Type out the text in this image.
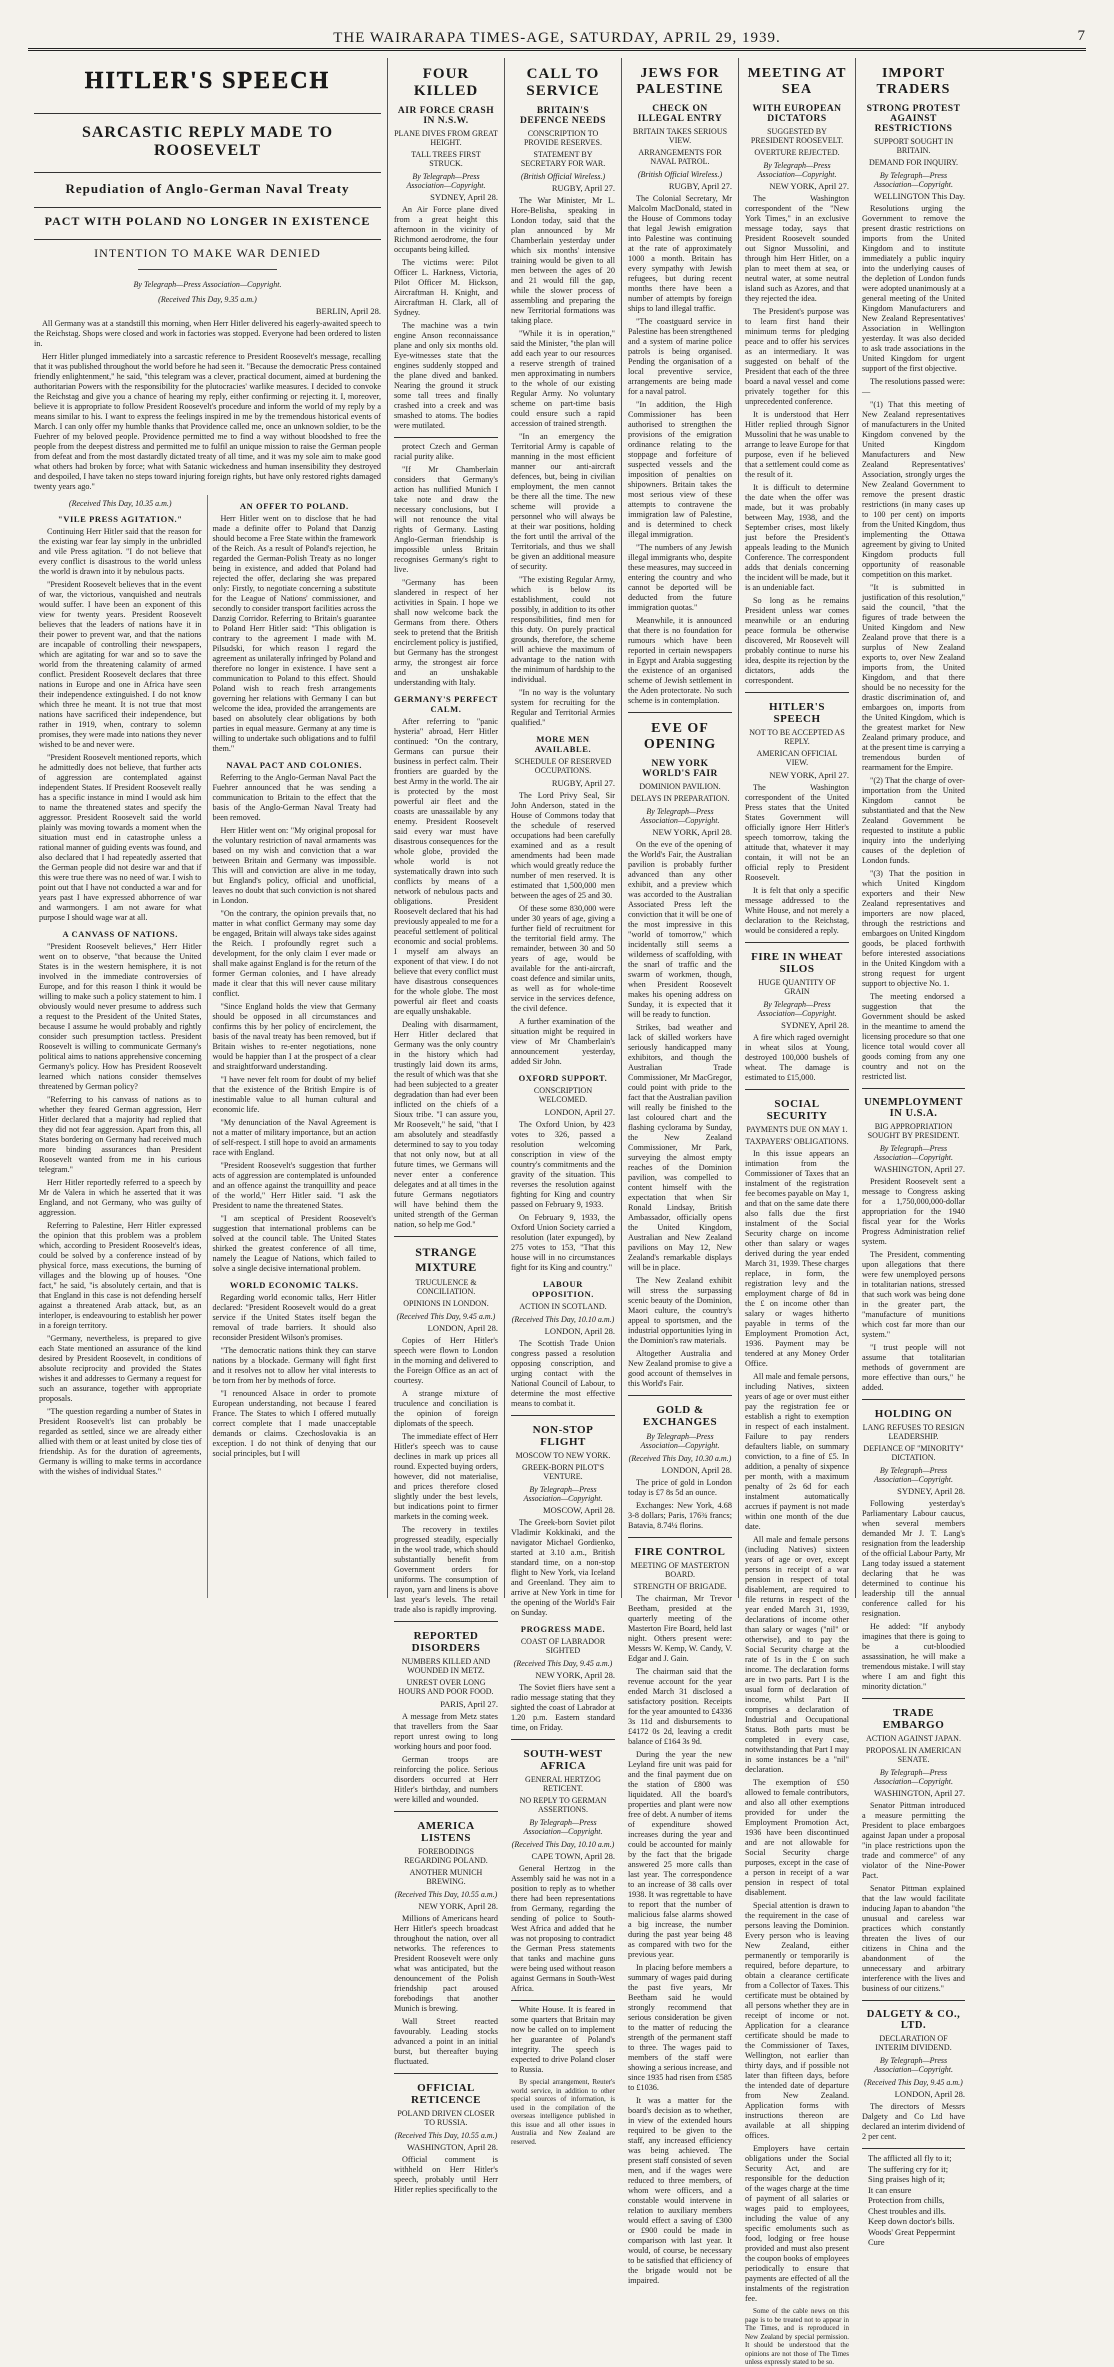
THE WAIRARAPA TIMES-AGE, SATURDAY, APRIL 29, 1939.	7
HITLER'S SPEECH
SARCASTIC REPLY MADE TO ROOSEVELT
Repudiation of Anglo-German Naval Treaty
PACT WITH POLAND NO LONGER IN EXISTENCE
INTENTION TO MAKE WAR DENIED
By Telegraph—Press Association—Copyright.
(Received This Day, 9.35 a.m.)
BERLIN, April 28.

All Germany was at a standstill this morning, when Herr Hitler delivered his eagerly-awaited speech to the Reichstag. Shops were closed and work in factories was stopped. Everyone had been ordered to listen in.

Herr Hitler plunged immediately into a sarcastic reference to President Roosevelt's message, recalling that it was published throughout the world before he had seen it. "Because the democratic Press contained friendly enlightenment," he said, "this telegram was a clever, practical document, aimed at burdening the authoritarian Powers with the responsibility for the plutocracies' warlike measures. I decided to convoke the Reichstag and give you a chance of hearing my reply, either confirming or rejecting it. I, moreover, believe it is appropriate to follow President Roosevelt's procedure and inform the world of my reply by a means similar to his. I want to express the feelings inspired in me by the tremendous historical events of March. I can only offer my humble thanks that Providence called me, once an unknown soldier, to be the Fuehrer of my beloved people. Providence permitted me to find a way without bloodshed to free the people from the deepest distress and permitted me to fulfil an unique mission to raise the German people from defeat and from the most dastardly dictated treaty of all time, and it was my sole aim to make good what others had broken by force; what with Satanic wickedness and human insensibility they destroyed and despoiled, I have taken no steps toward injuring foreign rights, but have only restored rights damaged twenty years ago."

(Received This Day, 10.35 a.m.)
"VILE PRESS AGITATION."

Continuing Herr Hitler said that the reason for the existing war fear lay simply in the unbridled and vile Press agitation. "I do not believe that every conflict is disastrous to the world unless the world is drawn into it by nebulous pacts.

"President Roosevelt believes that in the event of war, the victorious, vanquished and neutrals would suffer. I have been an exponent of this view for twenty years. President Roosevelt believes that the leaders of nations have it in their power to prevent war, and that the nations are incapable of controlling their newspapers, which are agitating for war and so to save the world from the threatening calamity of armed conflict. President Roosevelt declares that three nations in Europe and one in Africa have seen their independence extinguished. I do not know which three he meant. It is not true that most nations have sacrificed their independence, but rather in 1919, when, contrary to solemn promises, they were made into nations they never wished to be and never were.

"President Roosevelt mentioned reports, which he admittedly does not believe, that further acts of aggression are contemplated against independent States. If President Roosevelt really has a specific instance in mind I would ask him to name the threatened states and specify the aggressor. President Roosevelt said the world plainly was moving towards a moment when the situation must end in catastrophe unless a rational manner of guiding events was found, and also declared that I had repeatedly asserted that the German people did not desire war and that if this were true there was no need of war. I wish to point out that I have not conducted a war and for years past I have expressed abhorrence of war and warmongers. I am not aware for what purpose I should wage war at all.

A CANVASS OF NATIONS.

"President Roosevelt believes," Herr Hitler went on to observe, "that because the United States is in the western hemisphere, it is not involved in the immediate controversies of Europe, and for this reason I think it would be willing to make such a policy statement to him. I obviously would never presume to address such a request to the President of the United States, because I assume he would probably and rightly consider such presumption tactless. President Roosevelt is willing to communicate Germany's political aims to nations apprehensive concerning Germany's policy. How has President Roosevelt learned which nations consider themselves threatened by German policy?

"Referring to his canvass of nations as to whether they feared German aggression, Herr Hitler declared that a majority had replied that they did not fear aggression. Apart from this, all States bordering on Germany had received much more binding assurances than President Roosevelt wanted from me in his curious telegram."

Herr Hitler reportedly referred to a speech by Mr de Valera in which he asserted that it was England, and not Germany, who was guilty of aggression.

Referring to Palestine, Herr Hitler expressed the opinion that this problem was a problem which, according to President Roosevelt's ideas, could be solved by a conference instead of by physical force, mass executions, the burning of villages and the blowing up of houses. "One fact," he said, "is absolutely certain, and that is that England in this case is not defending herself against a threatened Arab attack, but, as an interloper, is endeavouring to establish her power in a foreign territory.

"Germany, nevertheless, is prepared to give each State mentioned an assurance of the kind desired by President Roosevelt, in conditions of absolute reciprocity and provided the States wishes it and addresses to Germany a request for such an assurance, together with appropriate proposals.

"The question regarding a number of States in President Roosevelt's list can probably be regarded as settled, since we are already either allied with them or at least united by close ties of friendship. As for the duration of agreements, Germany is willing to make terms in accordance with the wishes of individual States."

AN OFFER TO POLAND.

Herr Hitler went on to disclose that he had made a definite offer to Poland that Danzig should become a Free State within the framework of the Reich. As a result of Poland's rejection, he regarded the German-Polish Treaty as no longer being in existence, and added that Poland had rejected the offer, declaring she was prepared only: Firstly, to negotiate concerning a substitute for the League of Nations' commissioner, and secondly to consider transport facilities across the Danzig Corridor. Referring to Britain's guarantee to Poland Herr Hitler said: "This obligation is contrary to the agreement I made with M. Pilsudski, for which reason I regard the agreement as unilaterally infringed by Poland and therefore no longer in existence. I have sent a communication to Poland to this effect. Should Poland wish to reach fresh arrangements governing her relations with Germany I can but welcome the idea, provided the arrangements are based on absolutely clear obligations by both parties in equal measure. Germany at any time is willing to undertake such obligations and to fulfil them."

NAVAL PACT AND COLONIES.

Referring to the Anglo-German Naval Pact the Fuehrer announced that he was sending a communication to Britain to the effect that the basis of the Anglo-German Naval Treaty had been removed.

Herr Hitler went on: "My original proposal for the voluntary restriction of naval armaments was based on my wish and conviction that a war between Britain and Germany was impossible. This will and conviction are alive in me today, but England's policy, official and unofficial, leaves no doubt that such conviction is not shared in London.

"On the contrary, the opinion prevails that, no matter in what conflict Germany may some day be engaged, Britain will always take sides against the Reich. I profoundly regret such a development, for the only claim I ever made or shall make against England is for the return of the former German colonies, and I have already made it clear that this will never cause military conflict.

"Since England holds the view that Germany should be opposed in all circumstances and confirms this by her policy of encirclement, the basis of the naval treaty has been removed, but if Britain wishes to re-enter negotiations, none would be happier than I at the prospect of a clear and straightforward understanding.

"I have never felt room for doubt of my belief that the existence of the British Empire is of inestimable value to all human cultural and economic life.

"My denunciation of the Naval Agreement is not a matter of military importance, but an action of self-respect. I still hope to avoid an armaments race with England.

"President Roosevelt's suggestion that further acts of aggression are contemplated is unfounded and an offence against the tranquillity and peace of the world," Herr Hitler said. "I ask the President to name the threatened States.

"I am sceptical of President Roosevelt's suggestion that international problems can be solved at the council table. The United States shirked the greatest conference of all time, namely the League of Nations, which failed to solve a single decisive international problem.

WORLD ECONOMIC TALKS.

Regarding world economic talks, Herr Hitler declared: "President Roosevelt would do a great service if the United States itself began the removal of trade barriers. It should also reconsider President Wilson's promises.

"The democratic nations think they can starve nations by a blockade. Germany will fight first and it resolves not to allow her vital interests to be torn from her by methods of force.

"I renounced Alsace in order to promote European understanding, not because I feared France. The States to which I offered mutually correct complete that I made unacceptable demands or claims. Czechoslovakia is an exception. I do not think of denying that our social principles, but I will

FOUR KILLED
AIR FORCE CRASH IN N.S.W.
PLANE DIVES FROM GREAT HEIGHT.
TALL TREES FIRST STRUCK.
By Telegraph—Press Association—Copyright.
SYDNEY, April 28.

An Air Force plane dived from a great height this afternoon in the vicinity of Richmond aerodrome, the four occupants being killed.

The victims were: Pilot Officer L. Harkness, Victoria, Pilot Officer M. Hickson, Aircraftman H. Knight, and Aircraftman H. Clark, all of Sydney.

The machine was a twin engine Anson reconnaissance plane and only six months old. Eye-witnesses state that the engines suddenly stopped and the plane dived and banked. Nearing the ground it struck some tall trees and finally crashed into a creek and was smashed to atoms. The bodies were mutilated.

protect Czech and German racial purity alike.

"If Mr Chamberlain considers that Germany's action has nullified Munich I take note and draw the necessary conclusions, but I will not renounce the vital rights of Germany. Lasting Anglo-German friendship is impossible unless Britain recognises Germany's right to live.

"Germany has been slandered in respect of her activities in Spain. I hope we shall now welcome back the Germans from there. Others seek to pretend that the British encirclement policy is justified, but Germany has the strongest army, the strongest air force and an unshakable understanding with Italy.

GERMANY'S PERFECT CALM.

After referring to "panic hysteria" abroad, Herr Hitler continued: "On the contrary, Germans can pursue their business in perfect calm. Their frontiers are guarded by the best Army in the world. The air is protected by the most powerful air fleet and the coasts are unassailable by any enemy. President Roosevelt said every war must have disastrous consequences for the whole globe, provided the whole world is not systematically drawn into such conflicts by means of a network of nebulous pacts and obligations. President Roosevelt declared that his had previously appealed to me for a peaceful settlement of political economic and social problems. I myself am always an exponent of that view. I do not believe that every conflict must have disastrous consequences for the whole globe. The most powerful air fleet and coasts are equally unshakable.

Dealing with disarmament, Herr Hitler declared that Germany was the only country in the history which had trustingly laid down its arms, the result of which was that she had been subjected to a greater degradation than had ever been inflicted on the chiefs of a Sioux tribe. "I can assure you, Mr Roosevelt," he said, "that I am absolutely and steadfastly determined to say to you today that not only now, but at all future times, we Germans will never enter a conference delegates and at all times in the future Germans negotiators will have behind them the united strength of the German nation, so help me God."

STRANGE MIXTURE
TRUCULENCE & CONCILIATION.
OPINIONS IN LONDON.
(Received This Day, 9.45 a.m.)
LONDON, April 28.

Copies of Herr Hitler's speech were flown to London in the morning and delivered to the Foreign Office as an act of courtesy.

A strange mixture of truculence and conciliation is the opinion of foreign diplomats of the speech.

The immediate effect of Herr Hitler's speech was to cause declines in mark up prices all round. Expected buying orders, however, did not materialise, and prices therefore closed slightly under the best levels, but indications point to firmer markets in the coming week.

The recovery in textiles progressed steadily, especially in the wool trade, which should substantially benefit from Government orders for uniforms. The consumption of rayon, yarn and linens is above last year's levels. The retail trade also is rapidly improving.

REPORTED DISORDERS
NUMBERS KILLED AND WOUNDED IN METZ.
UNREST OVER LONG HOURS AND POOR FOOD.
PARIS, April 27.

A message from Metz states that travellers from the Saar report unrest owing to long working hours and poor food.

German troops are reinforcing the police. Serious disorders occurred at Herr Hitler's birthday, and numbers were killed and wounded.

AMERICA LISTENS
FOREBODINGS REGARDING POLAND.
ANOTHER MUNICH BREWING.
(Received This Day, 10.55 a.m.)
NEW YORK, April 28.

Millions of Americans heard Herr Hitler's speech broadcast throughout the nation, over all networks. The references to President Roosevelt were only what was anticipated, but the denouncement of the Polish friendship pact aroused forebodings that another Munich is brewing.

Wall Street reacted favourably. Leading stocks advanced a point in an initial burst, but thereafter buying fluctuated.

OFFICIAL RETICENCE
POLAND DRIVEN CLOSER TO RUSSIA.
(Received This Day, 10.55 a.m.)
WASHINGTON, April 28.

Official comment is withheld on Herr Hitler's speech, probably until Herr Hitler replies specifically to the

CALL TO SERVICE
BRITAIN'S DEFENCE NEEDS
CONSCRIPTION TO PROVIDE RESERVES.
STATEMENT BY SECRETARY FOR WAR.
(British Official Wireless.)
RUGBY, April 27.

The War Minister, Mr L. Hore-Belisha, speaking in London today, said that the plan announced by Mr Chamberlain yesterday under which six months' intensive training would be given to all men between the ages of 20 and 21 would fill the gap, while the slower process of assembling and preparing the new Territorial formations was taking place.

"While it is in operation," said the Minister, "the plan will add each year to our resources a reserve strength of trained men approximating in numbers to the whole of our existing Regular Army. No voluntary scheme on part-time basis could ensure such a rapid accession of trained strength.

"In an emergency the Territorial Army is capable of manning in the most efficient manner our anti-aircraft defences, but, being in civilian employment, the men cannot be there all the time. The new scheme will provide a personnel who will always be at their war positions, holding the fort until the arrival of the Territorials, and thus we shall be given an additional measure of security.

"The existing Regular Army, which is below its establishment, could not possibly, in addition to its other responsibilities, find men for this duty. On purely practical grounds, therefore, the scheme will achieve the maximum of advantage to the nation with the minimum of hardship to the individual.

"In no way is the voluntary system for recruiting for the Regular and Territorial Armies qualified."

MORE MEN AVAILABLE.
SCHEDULE OF RESERVED OCCUPATIONS.
RUGBY, April 27.

The Lord Privy Seal, Sir John Anderson, stated in the House of Commons today that the schedule of reserved occupations had been carefully examined and as a result amendments had been made which would greatly reduce the number of men reserved. It is estimated that 1,500,000 men between the ages of 25 and 30.

Of these some 830,000 were under 30 years of age, giving a further field of recruitment for the territorial field army. The remainder, between 30 and 50 years of age, would be available for the anti-aircraft, coast defence and similar units, as well as for whole-time service in the services defence, the civil defence.

A further examination of the situation might be required in view of Mr Chamberlain's announcement yesterday, added Sir John.

OXFORD SUPPORT.
CONSCRIPTION WELCOMED.
LONDON, April 27.

The Oxford Union, by 423 votes to 326, passed a resolution welcoming conscription in view of the country's commitments and the gravity of the situation. This reverses the resolution against fighting for King and country passed on February 9, 1933.

On February 9, 1933, the Oxford Union Society carried a resolution (later expunged), by 275 votes to 153, "That this house will in no circumstances fight for its King and country."

LABOUR OPPOSITION.
ACTION IN SCOTLAND.
(Received This Day, 10.10 a.m.)
LONDON, April 28.

The Scottish Trade Union congress passed a resolution opposing conscription, and urging contact with the National Council of Labour, to determine the most effective means to combat it.

NON-STOP FLIGHT
MOSCOW TO NEW YORK.
GREEK-BORN PILOT'S VENTURE.
By Telegraph—Press Association—Copyright.
MOSCOW, April 28.

The Greek-born Soviet pilot Vladimir Kokkinaki, and the navigator Michael Gordienko, started at 3.10 a.m., British standard time, on a non-stop flight to New York, via Iceland and Greenland. They aim to arrive at New York in time for the opening of the World's Fair on Sunday.

PROGRESS MADE.
COAST OF LABRADOR SIGHTED
(Received This Day, 9.45 a.m.)
NEW YORK, April 28.

The Soviet fliers have sent a radio message stating that they sighted the coast of Labrador at 1.20 p.m. Eastern standard time, on Friday.

SOUTH-WEST AFRICA
GENERAL HERTZOG RETICENT.
NO REPLY TO GERMAN ASSERTIONS.
By Telegraph—Press Association—Copyright.
(Received This Day, 10.10 a.m.)
CAPE TOWN, April 28.

General Hertzog in the Assembly said he was not in a position to reply as to whether there had been representations from Germany, regarding the sending of police to South-West Africa and added that he was not proposing to contradict the German Press statements that tanks and machine guns were being used without reason against Germans in South-West Africa.

White House. It is feared in some quarters that Britain may now be called on to implement her guarantee of Poland's integrity. The speech is expected to drive Poland closer to Russia.

By special arrangement, Reuter's world service, in addition to other special sources of information, is used in the compilation of the overseas intelligence published in this issue and all other issues in Australia and New Zealand are reserved.

JEWS FOR PALESTINE
CHECK ON ILLEGAL ENTRY
BRITAIN TAKES SERIOUS VIEW.
ARRANGEMENTS FOR NAVAL PATROL.
(British Official Wireless.)
RUGBY, April 27.

The Colonial Secretary, Mr Malcolm MacDonald, stated in the House of Commons today that legal Jewish emigration into Palestine was continuing at the rate of approximately 1000 a month. Britain has every sympathy with Jewish refugees, but during recent months there have been a number of attempts by foreign ships to land illegal traffic.

"The coastguard service in Palestine has been strengthened and a system of marine police patrols is being organised. Pending the organisation of a local preventive service, arrangements are being made for a naval patrol.

"In addition, the High Commissioner has been authorised to strengthen the provisions of the emigration ordinance relating to the stoppage and forfeiture of suspected vessels and the imposition of penalties on shipowners. Britain takes the most serious view of these attempts to contravene the immigration law of Palestine, and is determined to check illegal immigration.

"The numbers of any Jewish illegal immigrants who, despite these measures, may succeed in entering the country and who cannot be deported will be deducted from the future immigration quotas."

Meanwhile, it is announced that there is no foundation for rumours which have been reported in certain newspapers in Egypt and Arabia suggesting the existence of an organised scheme of Jewish settlement in the Aden protectorate. No such scheme is in contemplation.

EVE OF OPENING
NEW YORK WORLD'S FAIR
DOMINION PAVILION.
DELAYS IN PREPARATION.
By Telegraph—Press Association—Copyright.
NEW YORK, April 28.

On the eve of the opening of the World's Fair, the Australian pavilion is probably further advanced than any other exhibit, and a preview which was accorded to the Australian Associated Press left the conviction that it will be one of the most impressive in this "world of tomorrow," which incidentally still seems a wilderness of scaffolding, with the snarl of traffic and the swarm of workmen, though, when President Roosevelt makes his opening address on Sunday, it is expected that it will be ready to function.

Strikes, bad weather and lack of skilled workers have seriously handicapped many exhibitors, and though the Australian Trade Commissioner, Mr MacGregor, could point with pride to the fact that the Australian pavilion will really be finished to the last coloured chart and the flashing cyclorama by Sunday, the New Zealand Commissioner, Mr Park, surveying the almost empty reaches of the Dominion pavilion, was compelled to content himself with the expectation that when Sir Ronald Lindsay, British Ambassador, officially opens the United Kingdom, Australian and New Zealand pavilions on May 12, New Zealand's remarkable displays will be in place.

The New Zealand exhibit will stress the surpassing scenic beauty of the Dominion, Maori culture, the country's appeal to sportsmen, and the industrial opportunities lying in the Dominion's raw materials.

Altogether Australia and New Zealand promise to give a good account of themselves in this World's Fair.

GOLD & EXCHANGES
By Telegraph—Press Association—Copyright.
(Received This Day, 10.30 a.m.)
LONDON, April 28.

The price of gold in London today is £7 8s 5d an ounce.

Exchanges: New York, 4.68 3-8 dollars; Paris, 176¾ francs; Batavia, 8.74¼ florins.

FIRE CONTROL
MEETING OF MASTERTON BOARD.
STRENGTH OF BRIGADE.

The chairman, Mr Trevor Beetham, presided at the quarterly meeting of the Masterton Fire Board, held last night. Others present were: Messrs W. Kemp, W. Candy, V. Edgar and J. Gain.

The chairman said that the revenue account for the year ended March 31 disclosed a satisfactory position. Receipts for the year amounted to £4336 3s 11d and disbursements to £4172 0s 2d, leaving a credit balance of £164 3s 9d.

During the year the new Leyland fire unit was paid for and the final payment due on the station of £800 was liquidated. All the board's properties and plant were now free of debt. A number of items of expenditure showed increases during the year and could be accounted for mainly by the fact that the brigade answered 25 more calls than last year. The correspondence to an increase of 38 calls over 1938. It was regrettable to have to report that the number of malicious false alarms showed a big increase, the number during the past year being 48 as compared with two for the previous year.

In placing before members a summary of wages paid during the past five years, Mr Beetham said he would strongly recommend that serious consideration be given to the matter of reducing the strength of the permanent staff to three. The wages paid to members of the staff were showing a serious increase, and since 1935 had risen from £585 to £1036.

It was a matter for the board's decision as to whether, in view of the extended hours required to be given to the staff, any increased efficiency was being achieved. The present staff consisted of seven men, and if the wages were reduced to three members, of whom were officers, and a constable would intervene in relation to auxiliary members would effect a saving of £300 or £900 could be made in comparison with last year. It would, of course, be necessary to be satisfied that efficiency of the brigade would not be impaired.

MEETING AT SEA
WITH EUROPEAN DICTATORS
SUGGESTED BY PRESIDENT ROOSEVELT.
OVERTURE REJECTED.
By Telegraph—Press Association—Copyright.
NEW YORK, April 27.

The Washington correspondent of the "New York Times," in an exclusive message today, says that President Roosevelt sounded out Signor Mussolini, and through him Herr Hitler, on a plan to meet them at sea, or neutral water, at some neutral island such as Azores, and that they rejected the idea.

The President's purpose was to learn first hand their minimum terms for pledging peace and to offer his services as an intermediary. It was suggested on behalf of the President that each of the three board a naval vessel and come privately together for this unprecedented conference.

It is understood that Herr Hitler replied through Signor Mussolini that he was unable to arrange to leave Europe for that purpose, even if he believed that a settlement could come as the result of it.

It is difficult to determine the date when the offer was made, but it was probably between May, 1938, and the September crises, most likely just before the President's appeals leading to the Munich Conference. The correspondent adds that denials concerning the incident will be made, but it is an undeniable fact.

So long as he remains President unless war comes meanwhile or an enduring peace formula be otherwise discovered, Mr Roosevelt will probably continue to nurse his idea, despite its rejection by the dictators, adds the correspondent.

HITLER'S SPEECH
NOT TO BE ACCEPTED AS REPLY.
AMERICAN OFFICIAL VIEW.
NEW YORK, April 27.

The Washington correspondent of the United Press states that the United States Government will officially ignore Herr Hitler's speech tomorrow, taking the attitude that, whatever it may contain, it will not be an official reply to President Roosevelt.

It is felt that only a specific message addressed to the White House, and not merely a declaration to the Reichstag, would be considered a reply.

FIRE IN WHEAT SILOS
HUGE QUANTITY OF GRAIN
By Telegraph—Press Association—Copyright.
SYDNEY, April 28.

A fire which raged overnight in wheat silos at Young, destroyed 100,000 bushels of wheat. The damage is estimated to £15,000.

SOCIAL SECURITY
PAYMENTS DUE ON MAY 1.
TAXPAYERS' OBLIGATIONS.

In this issue appears an intimation from the Commissioner of Taxes that an instalment of the registration fee becomes payable on May 1, and that on the same date there also falls due the first instalment of the Social Security charge on income other than salary or wages derived during the year ended March 31, 1939. These charges replace, in form, the registration levy and the employment charge of 8d in the £ on income other than salary or wages hitherto payable in terms of the Employment Promotion Act, 1936. Payment may be tendered at any Money Order Office.

All male and female persons, including Natives, sixteen years of age or over must either pay the registration fee or establish a right to exemption in respect of each instalment. Failure to pay renders defaulters liable, on summary conviction, to a fine of £5. In addition, a penalty of sixpence per month, with a maximum penalty of 2s 6d for each instalment automatically accrues if payment is not made within one month of the due date.

All male and female persons (including Natives) sixteen years of age or over, except persons in receipt of a war pension in respect of total disablement, are required to file returns in respect of the year ended March 31, 1939, declarations of income other than salary or wages ("nil" or otherwise), and to pay the Social Security charge at the rate of 1s in the £ on such income. The declaration forms are in two parts. Part I is the usual form of declaration of income, whilst Part II comprises a declaration of Industrial and Occupational Status. Both parts must be completed in every case, notwithstanding that Part I may in some instances be a "nil" declaration.

The exemption of £50 allowed to female contributors, and also all other exemptions provided for under the Employment Promotion Act, 1936 have been discontinued and are not allowable for Social Security charge purposes, except in the case of a person in receipt of a war pension in respect of total disablement.

Special attention is drawn to the requirement in the case of persons leaving the Dominion. Every person who is leaving New Zealand, either permanently or temporarily is required, before departure, to obtain a clearance certificate from a Collector of Taxes. This certificate must be obtained by all persons whether they are in receipt of income or not. Application for a clearance certificate should be made to the Commissioner of Taxes, Wellington, not earlier than thirty days, and if possible not later than fifteen days, before the intended date of departure from New Zealand. Application forms with instructions thereon are available at all shipping offices.

Employers have certain obligations under the Social Security Act, and are responsible for the deduction of the wages charge at the time of payment of all salaries or wages paid to employees, including the value of any specific emoluments such as food, lodging or free house provided and must also present the coupon books of employees periodically to ensure that payments are effected of all the instalments of the registration fee.

Some of the cable news on this page is to be treated not to appear in The Times, and is reproduced in New Zealand by special permission. It should be understood that the opinions are not those of The Times unless expressly stated to be so.

IMPORT TRADERS
STRONG PROTEST AGAINST RESTRICTIONS
SUPPORT SOUGHT IN BRITAIN.
DEMAND FOR INQUIRY.
By Telegraph—Press Association—Copyright.
WELLINGTON This Day.

Resolutions urging the Government to remove the present drastic restrictions on imports from the United Kingdom and to institute immediately a public inquiry into the underlying causes of the depletion of London funds were adopted unanimously at a general meeting of the United Kingdom Manufacturers and New Zealand Representatives' Association in Wellington yesterday. It was also decided to ask trade associations in the United Kingdom for urgent support of the first objective.

The resolutions passed were:—

"(1) That this meeting of New Zealand representatives of manufacturers in the United Kingdom convened by the United Kingdom Manufacturers and New Zealand Representatives' Association, strongly urges the New Zealand Government to remove the present drastic restrictions (in many cases up to 100 per cent) on imports from the United Kingdom, thus implementing the Ottawa agreement by giving to United Kingdom products full opportunity of reasonable competition on this market.

"It is submitted in justification of this resolution," said the council, "that the figures of trade between the United Kingdom and New Zealand prove that there is a surplus of New Zealand exports to, over New Zealand imports from, the United Kingdom, and that there should be no necessity for the drastic discrimination of, and embargoes on, imports from the United Kingdom, which is the greatest market for New Zealand primary produce, and at the present time is carrying a tremendous burden of rearmament for the Empire.

"(2) That the charge of over-importation from the United Kingdom cannot be substantiated and that the New Zealand Government be requested to institute a public inquiry into the underlying causes of the depletion of London funds.

"(3) That the position in which United Kingdom exporters and their New Zealand representatives and importers are now placed, through the restrictions and embargoes on United Kingdom goods, be placed forthwith before interested associations in the United Kingdom with a strong request for urgent support to objective No. 1.

The meeting endorsed a suggestion that the Government should be asked in the meantime to amend the licensing procedure so that one licence total would cover all goods coming from any one country and not on the restricted list.

UNEMPLOYMENT IN U.S.A.
BIG APPROPRIATION SOUGHT BY PRESIDENT.
By Telegraph—Press Association—Copyright.
WASHINGTON, April 27.

President Roosevelt sent a message to Congress asking for a 1,750,000,000-dollar appropriation for the 1940 fiscal year for the Works Progress Administration relief system.

The President, commenting upon allegations that there were few unemployed persons in totalitarian nations, stressed that such work was being done in the greater part, the "manufacture of munitions which cost far more than our system."

"I trust people will not assume that totalitarian methods of government are more effective than ours," he added.

HOLDING ON
LANG REFUSES TO RESIGN LEADERSHIP.
DEFIANCE OF "MINORITY" DICTATION.
By Telegraph—Press Association—Copyright.
SYDNEY, April 28.

Following yesterday's Parliamentary Labour caucus, when several members demanded Mr J. T. Lang's resignation from the leadership of the official Labour Party, Mr Lang today issued a statement declaring that he was determined to continue his leadership till the annual conference called for his resignation.

He added: "If anybody imagines that there is going to be a cut-bloodied assassination, he will make a tremendous mistake. I will stay where I am and fight this minority dictation."

TRADE EMBARGO
ACTION AGAINST JAPAN.
PROPOSAL IN AMERICAN SENATE.
By Telegraph—Press Association—Copyright.
WASHINGTON, April 27.

Senator Pittman introduced a measure permitting the President to place embargoes against Japan under a proposal "in place restrictions upon the trade and commerce" of any violator of the Nine-Power Pact.

Senator Pittman explained that the law would facilitate inducing Japan to abandon "the unusual and careless war practices which constantly threaten the lives of our citizens in China and the abandonment of the unnecessary and arbitrary interference with the lives and business of our citizens."

DALGETY & CO., LTD.
DECLARATION OF INTERIM DIVIDEND.
By Telegraph—Press Association—Copyright.
(Received This Day, 9.45 a.m.)
LONDON, April 28.

The directors of Messrs Dalgety and Co Ltd have declared an interim dividend of 2 per cent.

The afflicted all fly to it;
The suffering cry for it;
Sing praises high of it;
It can ensure
Protection from chills,
Chest troubles and ills.
Keep down doctor's bills.
Woods' Great Peppermint Cure
